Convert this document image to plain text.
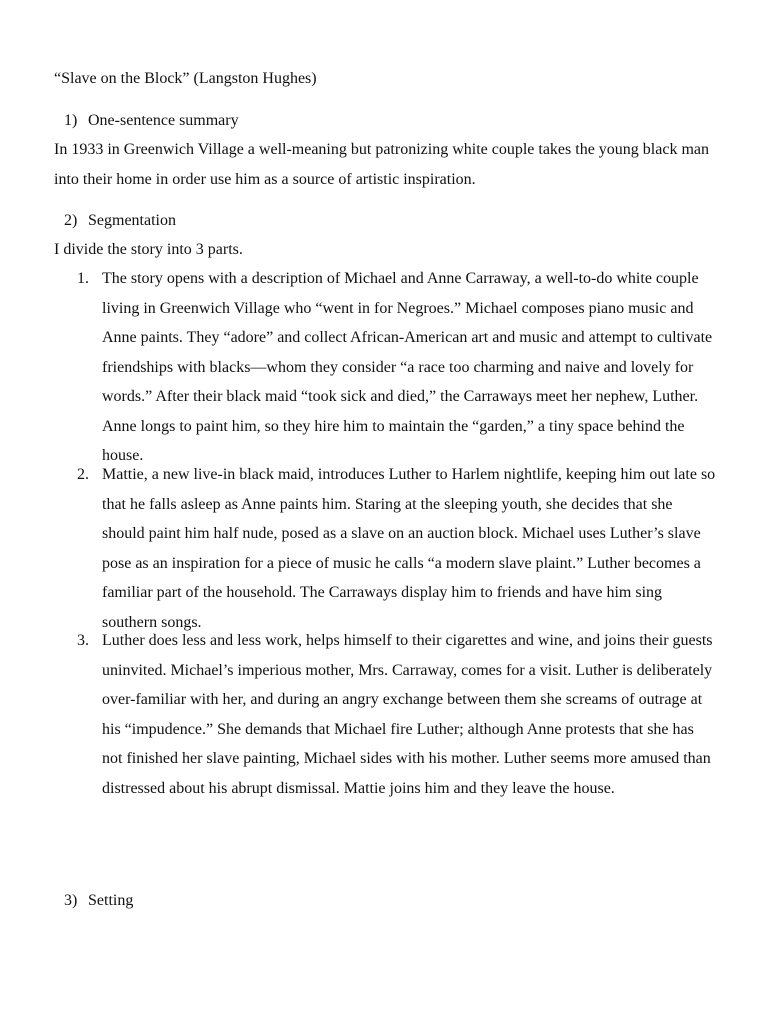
“Slave on the Block” (Langston Hughes)
1) One-sentence summary

In 1933 in Greenwich Village a well-meaning but patronizing white couple takes the young black man into their home in order use him as a source of artistic inspiration.

2) Segmentation

I divide the story into 3 parts.

1. The story opens with a description of Michael and Anne Carraway, a well-to-do white couple living in Greenwich Village who “went in for Negroes.” Michael composes piano music and Anne paints. They “adore” and collect African-American art and music and attempt to cultivate friendships with blacks—whom they consider “a race too charming and naive and lovely for words.” After their black maid “took sick and died,” the Carraways meet her nephew, Luther. Anne longs to paint him, so they hire him to maintain the “garden,” a tiny space behind the house.

2. Mattie, a new live-in black maid, introduces Luther to Harlem nightlife, keeping him out late so that he falls asleep as Anne paints him. Staring at the sleeping youth, she decides that she should paint him half nude, posed as a slave on an auction block. Michael uses Luther’s slave pose as an inspiration for a piece of music he calls “a modern slave plaint.” Luther becomes a familiar part of the household. The Carraways display him to friends and have him sing southern songs.

3. Luther does less and less work, helps himself to their cigarettes and wine, and joins their guests uninvited. Michael’s imperious mother, Mrs. Carraway, comes for a visit. Luther is deliberately over-familiar with her, and during an angry exchange between them she screams of outrage at his “impudence.” She demands that Michael fire Luther; although Anne protests that she has not finished her slave painting, Michael sides with his mother. Luther seems more amused than distressed about his abrupt dismissal. Mattie joins him and they leave the house.

3) Setting
